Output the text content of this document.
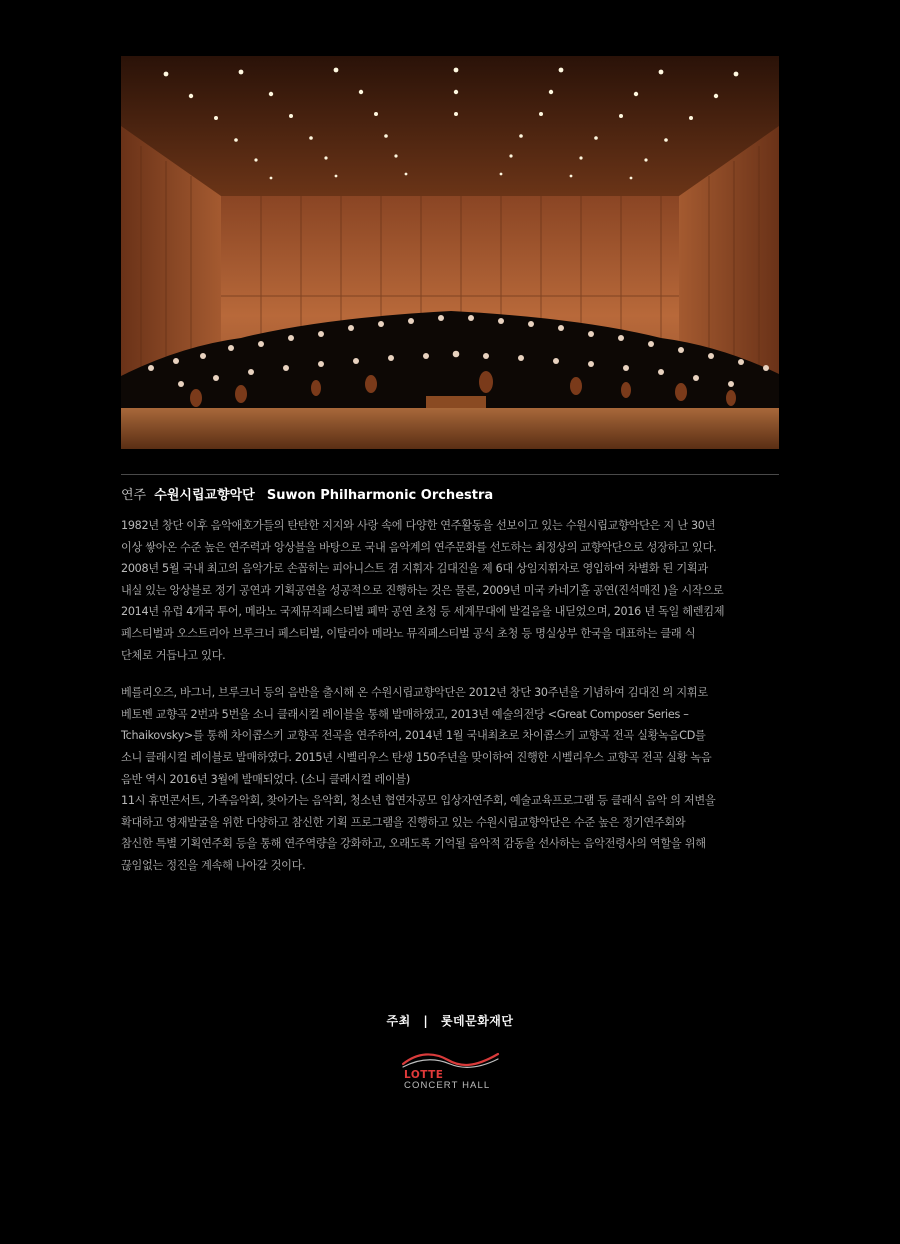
연주 수원시립교향악단 Suwon Philharmonic Orchestra

1982년 창단 이후 음악애호가들의 탄탄한 지지와 사랑 속에 다양한 연주활동을 선보이고 있는 수원시립교향악단은 지 난 30년
이상 쌓아온 수준 높은 연주력과 앙상블을 바탕으로 국내 음악계의 연주문화를 선도하는 최정상의 교향악단으로 성장하고 있다.
2008년 5월 국내 최고의 음악가로 손꼽히는 피아니스트 겸 지휘자 김대진을 제 6대 상임지휘자로 영입하여 차별화 된 기획과
내실 있는 앙상블로 정기 공연과 기획공연을 성공적으로 진행하는 것은 물론, 2009년 미국 카네기홀 공연(진석매진 )을 시작으로
2014년 유럽 4개국 투어, 메라노 국제뮤직페스티벌 폐막 공연 초청 등 세계무대에 발걸음을 내딛었으며, 2016 년 독일 헤렌킴제
페스티벌과 오스트리아 브루크너 페스티벌, 이탈리아 메라노 뮤직페스티벌 공식 초청 등 명실상부 한국을 대표하는 클래 식
단체로 거듭나고 있다.

베를리오즈, 바그너, 브루크너 등의 음반을 출시해 온 수원시립교향악단은 2012년 창단 30주년을 기념하여 김대진 의 지휘로
베토벤 교향곡 2번과 5번을 소니 클래시컬 레이블을 통해 발매하였고, 2013년 예술의전당 <Great Composer Series –
Tchaikovsky>를 통해 차이콥스키 교향곡 전곡을 연주하여, 2014년 1월 국내최초로 차이콥스키 교향곡 전곡 실황녹음CD를
소니 클래시컬 레이블로 발매하였다. 2015년 시벨리우스 탄생 150주년을 맞이하여 진행한 시벨리우스 교향곡 전곡 실황 녹음
음반 역시 2016년 3월에 발매되었다. (소니 클래시컬 레이블)
11시 휴먼콘서트, 가족음악회, 찾아가는 음악회, 청소년 협연자공모 입상자연주회, 예술교육프로그램 등 클래식 음악 의 저변을
확대하고 영재발굴을 위한 다양하고 참신한 기획 프로그램을 진행하고 있는 수원시립교향악단은 수준 높은 정기연주회와
참신한 특별 기획연주회 등을 통해 연주역량을 강화하고, 오래도록 기억될 음악적 감동을 선사하는 음악전령사의 역할을 위해
끊임없는 정진을 계속해 나아갈 것이다.

주최 | 롯데문화재단
LOTTE
CONCERT HALL
